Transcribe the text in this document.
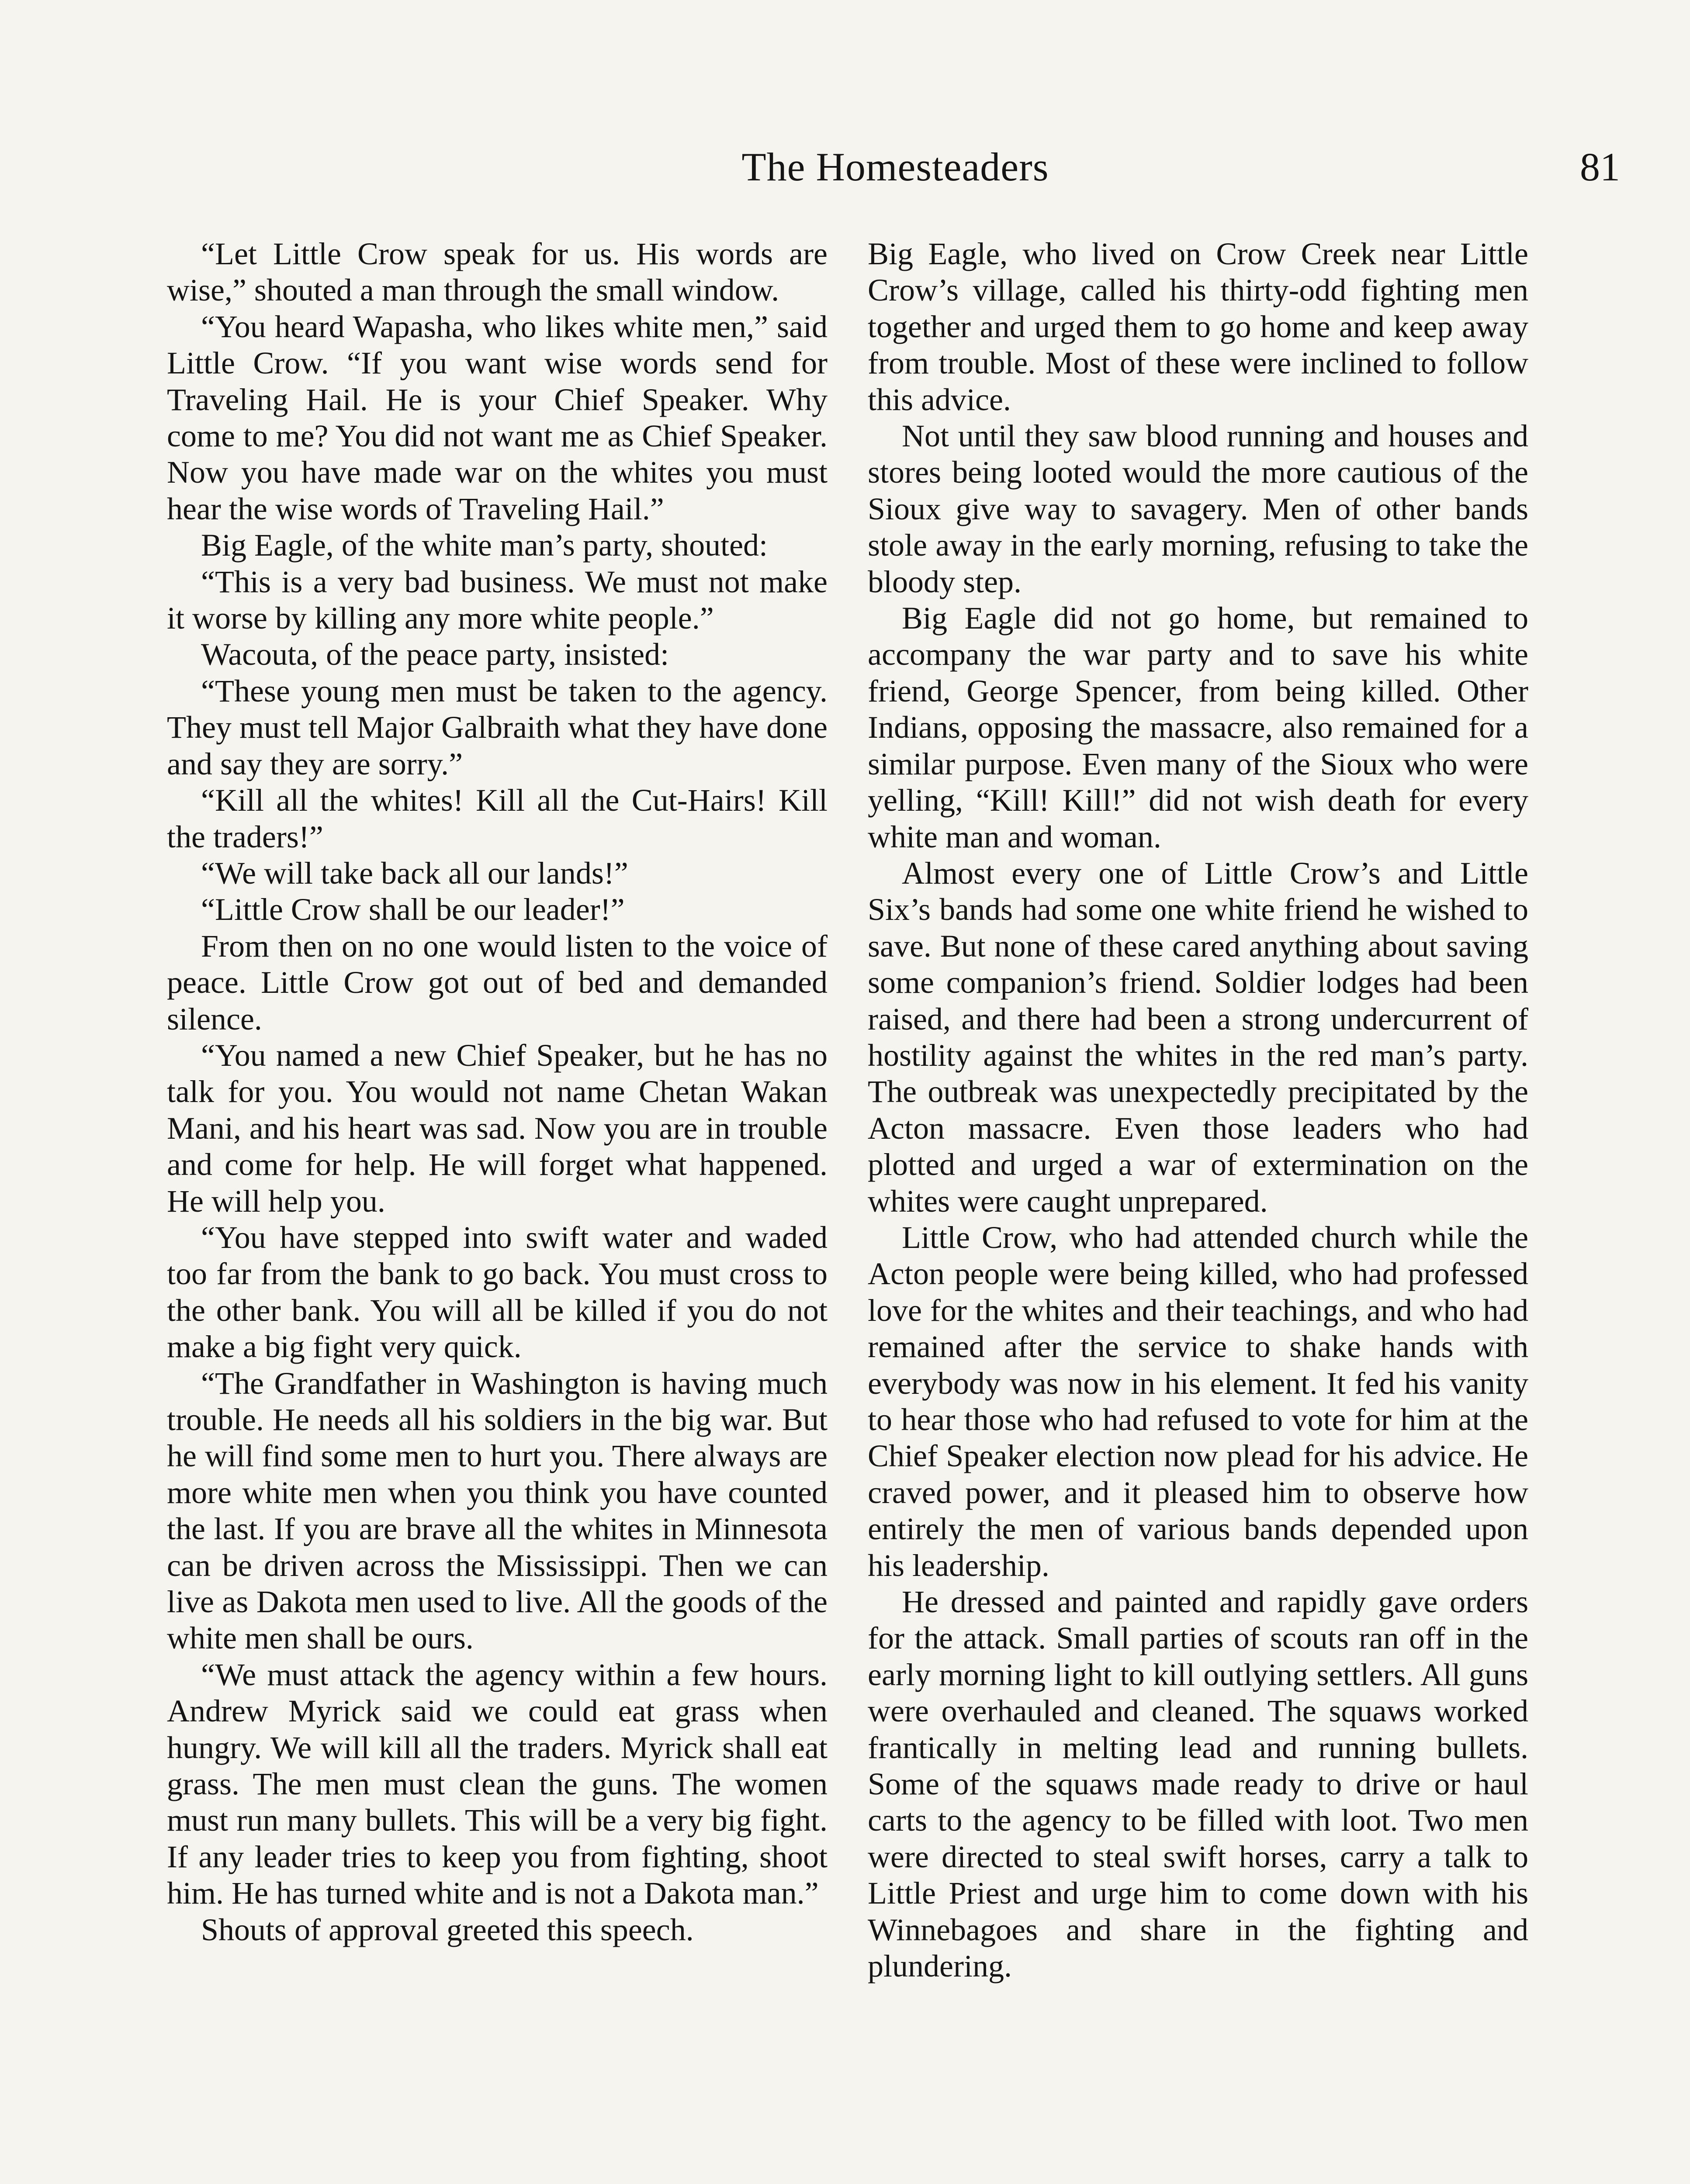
The Homesteaders	81

“Let Little Crow speak for us. His words are wise,” shouted a man through the small window.

“You heard Wapasha, who likes white men,” said Little Crow. “If you want wise words send for Traveling Hail. He is your Chief Speaker. Why come to me? You did not want me as Chief Speaker. Now you have made war on the whites you must hear the wise words of Traveling Hail.”

Big Eagle, of the white man’s party, shouted:

“This is a very bad business. We must not make it worse by killing any more white people.”

Wacouta, of the peace party, insisted:

“These young men must be taken to the agency. They must tell Major Galbraith what they have done and say they are sorry.”

“Kill all the whites! Kill all the Cut-Hairs! Kill the traders!”

“We will take back all our lands!”

“Little Crow shall be our leader!”

From then on no one would listen to the voice of peace. Little Crow got out of bed and demanded silence.

“You named a new Chief Speaker, but he has no talk for you. You would not name Chetan Wakan Mani, and his heart was sad. Now you are in trouble and come for help. He will forget what happened. He will help you.

“You have stepped into swift water and waded too far from the bank to go back. You must cross to the other bank. You will all be killed if you do not make a big fight very quick.

“The Grandfather in Washington is having much trouble. He needs all his soldiers in the big war. But he will find some men to hurt you. There always are more white men when you think you have counted the last. If you are brave all the whites in Minnesota can be driven across the Mississippi. Then we can live as Dakota men used to live. All the goods of the white men shall be ours.

“We must attack the agency within a few hours. Andrew Myrick said we could eat grass when hungry. We will kill all the traders. Myrick shall eat grass. The men must clean the guns. The women must run many bullets. This will be a very big fight. If any leader tries to keep you from fighting, shoot him. He has turned white and is not a Dakota man.”

Shouts of approval greeted this speech.

Big Eagle, who lived on Crow Creek near Little Crow’s village, called his thirty-odd fighting men together and urged them to go home and keep away from trouble. Most of these were inclined to follow this advice.

Not until they saw blood running and houses and stores being looted would the more cautious of the Sioux give way to savagery. Men of other bands stole away in the early morning, refusing to take the bloody step.

Big Eagle did not go home, but remained to accompany the war party and to save his white friend, George Spencer, from being killed. Other Indians, opposing the massacre, also remained for a similar purpose. Even many of the Sioux who were yelling, “Kill! Kill!” did not wish death for every white man and woman.

Almost every one of Little Crow’s and Little Six’s bands had some one white friend he wished to save. But none of these cared anything about saving some companion’s friend. Soldier lodges had been raised, and there had been a strong undercurrent of hostility against the whites in the red man’s party. The outbreak was unexpectedly precipitated by the Acton massacre. Even those leaders who had plotted and urged a war of extermination on the whites were caught unprepared.

Little Crow, who had attended church while the Acton people were being killed, who had professed love for the whites and their teachings, and who had remained after the service to shake hands with everybody was now in his element. It fed his vanity to hear those who had refused to vote for him at the Chief Speaker election now plead for his advice. He craved power, and it pleased him to observe how entirely the men of various bands depended upon his leadership.

He dressed and painted and rapidly gave orders for the attack. Small parties of scouts ran off in the early morning light to kill outlying settlers. All guns were overhauled and cleaned. The squaws worked frantically in melting lead and running bullets. Some of the squaws made ready to drive or haul carts to the agency to be filled with loot. Two men were directed to steal swift horses, carry a talk to Little Priest and urge him to come down with his Winnebagoes and share in the fighting and plundering.
